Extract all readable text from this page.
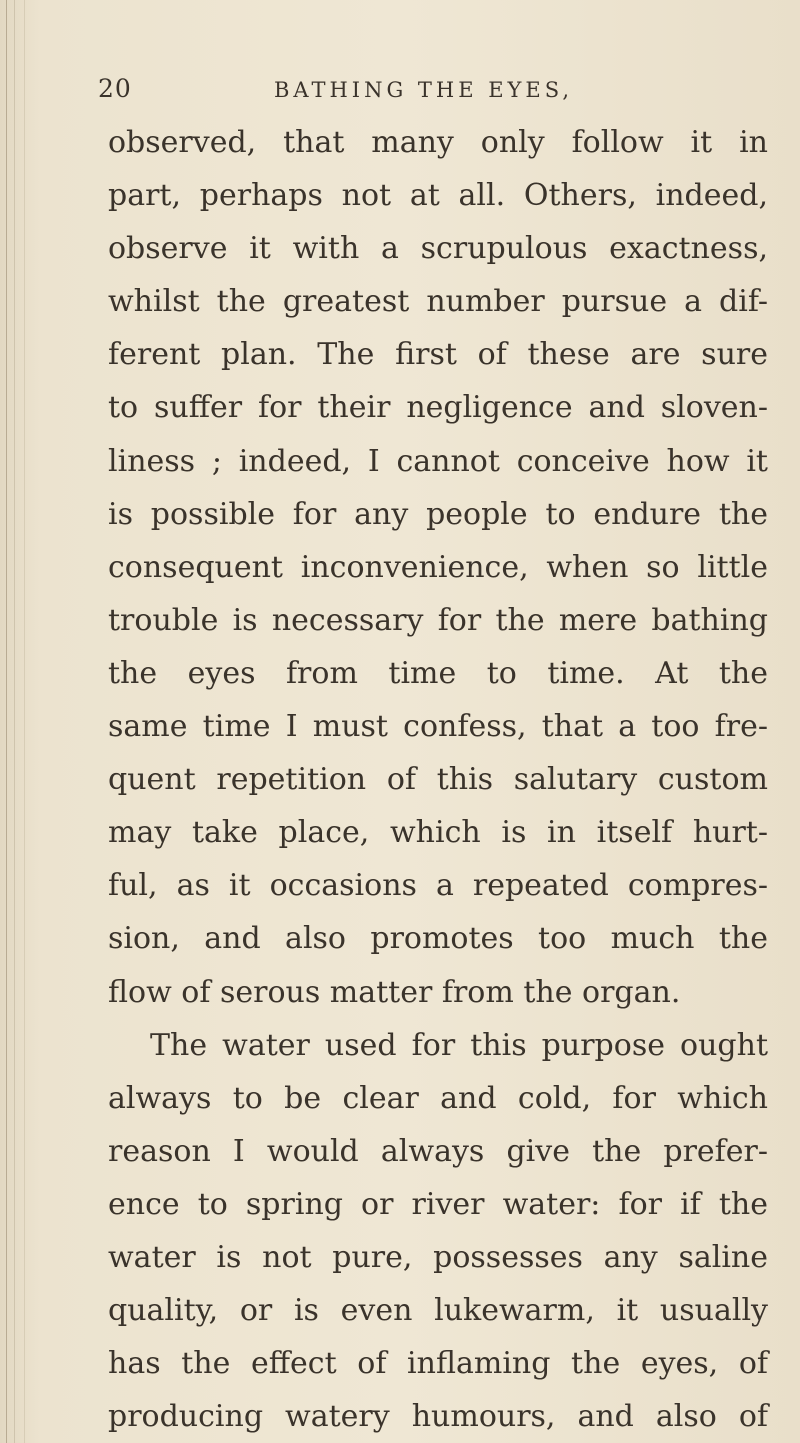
20	BATHING THE EYES,
observed, that many only follow it in
part, perhaps not at all. Others, indeed,
observe it with a scrupulous exactness,
whilst the greatest number pursue a dif-
ferent plan. The first of these are sure
to suffer for their negligence and sloven-
liness ; indeed, I cannot conceive how it
is possible for any people to endure the
consequent inconvenience, when so little
trouble is necessary for the mere bathing
the eyes from time to time. At the
same time I must confess, that a too fre-
quent repetition of this salutary custom
may take place, which is in itself hurt-
ful, as it occasions a repeated compres-
sion, and also promotes too much the
flow of serous matter from the organ.
The water used for this purpose ought
always to be clear and cold, for which
reason I would always give the prefer-
ence to spring or river water: for if the
water is not pure, possesses any saline
quality, or is even lukewarm, it usually
has the effect of inflaming the eyes, of
producing watery humours, and also of
